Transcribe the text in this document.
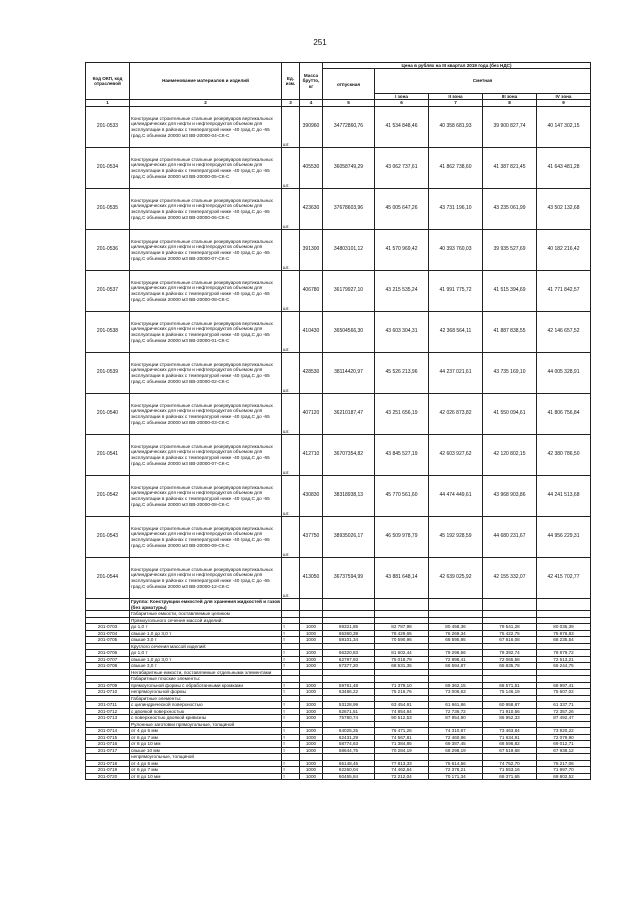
251
Код ОКП, код отраслевой	Наименование материалов и изделий	Ед. изм.	Масса брутто, кг	Цена в рублях на III квартал 2019 года (без НДС)				
				отпускная	Сметная			
					I зона	II зона	III зона	IV зона
1	2	3	4	5	6	7	8	9
201-0533	Конструкции строительные стальные резервуаров вертикальных цилиндрических для нефти и нефтепродуктов объемом для эксплуатации в районах с температурой ниже -40 град.С до -65 град.С объемом 20000 м3 ВВ-20000-04-СК-С	шт.	390960	34772860,76	41 534 848,46	40 358 681,93	39 900 827,74	40 147 302,15
201-0534	Конструкции строительные стальные резервуаров вертикальных цилиндрических для нефти и нефтепродуктов объемом для эксплуатации в районах с температурой ниже -40 град.С до -65 град.С объемом 20000 м3 ВВ-20000-05-СК-С	шт.	405530	36058749,29	43 062 737,61	41 862 738,60	41 387 821,45	41 643 481,28
201-0535	Конструкции строительные стальные резервуаров вертикальных цилиндрических для нефти и нефтепродуктов объемом для эксплуатации в районах с температурой ниже -40 град.С до -65 град.С объемом 20000 м3 ВВ-20000-06-СК-С	шт.	423630	37678603,96	45 005 647,26	43 731 196,10	43 235 061,99	43 502 132,68
201-0536	Конструкции строительные стальные резервуаров вертикальных цилиндрических для нефти и нефтепродуктов объемом для эксплуатации в районах с температурой ниже -40 град.С до -65 град.С объемом 20000 м3 ВВ-20000-07-СК-С	шт.	391300	34803101,12	41 570 969,42	40 393 760,03	39 935 527,69	40 182 216,42
201-0537	Конструкции строительные стальные резервуаров вертикальных цилиндрических для нефти и нефтепродуктов объемом для эксплуатации в районах с температурой ниже -40 град.С до -65 град.С объемом 20000 м3 ВВ-20000-08-СК-С	шт.	406780	36179927,10	43 215 535,24	41 991 775,72	41 515 394,69	41 771 842,57
201-0538	Конструкции строительные стальные резервуаров вертикальных цилиндрических для нефти и нефтепродуктов объемом для эксплуатации в районах с температурой ниже -40 град.С до -65 град.С объемом 20000 м3 ВВ-20000-01-СК-С	шт.	410430	36504566,30	43 603 304,31	42 368 564,11	41 887 838,55	42 146 657,52
201-0539	Конструкции строительные стальные резервуаров вертикальных цилиндрических для нефти и нефтепродуктов объемом для эксплуатации в районах с температурой ниже -40 град.С до -65 град.С объемом 20000 м3 ВВ-20000-02-СК-С	шт.	428530	38114420,97	45 526 213,96	44 237 021,61	43 735 169,10	44 005 328,91
201-0540	Конструкции строительные стальные резервуаров вертикальных цилиндрических для нефти и нефтепродуктов объемом для эксплуатации в районах с температурой ниже -40 град.С до -65 град.С объемом 20000 м3 ВВ-20000-03-СК-С	шт.	407120	36210187,47	43 251 656,19	42 026 873,82	41 550 094,61	41 806 756,84
201-0541	Конструкции строительные стальные резервуаров вертикальных цилиндрических для нефти и нефтепродуктов объемом для эксплуатации в районах с температурой ниже -40 град.С до -65 град.С объемом 20000 м3 ВВ-20000-07-СК-С	шт.	412710	36707354,82	43 845 527,19	42 603 927,62	42 120 802,15	42 380 786,50
201-0542	Конструкции строительные стальные резервуаров вертикальных цилиндрических для нефти и нефтепродуктов объемом для эксплуатации в районах с температурой ниже -40 град.С до -65 град.С объемом 20000 м3 ВВ-20000-08-СК-С	шт.	430830	38318938,13	45 770 561,60	44 474 449,61	43 968 903,86	44 241 513,68
201-0543	Конструкции строительные стальные резервуаров вертикальных цилиндрических для нефти и нефтепродуктов объемом для эксплуатации в районах с температурой ниже -40 град.С до -65 град.С объемом 20000 м3 ВВ-20000-09-СК-С	шт.	437750	38935026,17	46 509 978,79	45 192 928,59	44 680 231,67	44 956 229,31
201-0544	Конструкции строительные стальные резервуаров вертикальных цилиндрических для нефти и нефтепродуктов объемом для эксплуатации в районах с температурой ниже -40 град.С до -65 град.С объемом 20000 м3 ВВ-20000-12-СК-С	шт.	413050	36737594,99	43 881 648,14	42 639 025,92	42 155 332,07	42 415 702,77
	Группа: Конструкции емкостей для хранения жидкостей и газов (без арматуры)							
	Габаритные емкости, поставляемые целиком							
	Прямоугольного сечения массой изделий:							
201-0703	до 1,0 т	т	1000	69321,85	82 787,98	80 458,36	79 541,28	80 035,39
201-0704	свыше 1,0 до 3,0 т	т	1000	65360,39	78 429,65	76 269,34	75 422,75	75 876,83
201-0705	свыше 3,0 т	т	1000	59101,34	70 590,96	68 595,95	67 816,08	68 235,54
	Круглого сечения массой изделий:							
201-0706	до 1,0 т	т	1000	66320,83	81 602,44	79 296,56	78 392,74	78 879,72
201-0707	свыше 1,0 до 3,0 т	т	1000	62797,93	75 018,79	72 898,41	72 065,58	72 513,21
201-0708	свыше 3,0 т	т	1000	57377,20	68 531,35	66 594,87	65 835,78	66 244,75
	Негабаритные емкости, поставляемые отдельными элементами							
	Габаритные плоские элементы:							
201-0709	прямоугольной формы с обработанными кромками	т	1000	59761,48	71 379,10	69 362,15	68 571,51	68 997,41
201-0710	непрямоугольной формы	т	1000	63486,22	75 216,76	73 006,63	75 146,19	75 607,02
	Габаритные элементы:							
201-0711	с цилиндрической поверхностью	т	1000	53128,99	63 454,91	61 661,86	60 958,87	61 337,71
201-0712	с двоякой поверхностью	т	1000	62671,51	74 854,84	72 736,72	71 910,56	72 357,26
201-0713	с поверхностью двоякой кривизны	т	1000	75780,74	90 512,53	87 954,90	86 952,33	87 492,47
	Рулонные заготовки прямоугольные, толщиной							
201-0714	от 4 до 5 мм	т	1000	64025,25	76 471,26	74 310,67	73 463,84	73 920,22
201-0715	от 6 до 7 мм	т	1000	62431,29	74 567,81	72 460,96	71 634,91	72 079,90
201-0716	от 8 до 10 мм	т	1000	58774,63	71 384,85	69 387,45	68 596,82	69 012,71
201-0717	свыше 10 мм	т	1000	58644,75	70 284,19	68 298,19	67 519,68	67 938,12
	непрямоугольные, толщиной							
201-0718	от 4 до 5 мм	т	1000	65148,45	77 813,33	75 614,56	74 752,70	75 217,06
201-0719	от 6 до 7 мм	т	1000	62260,04	74 462,64	72 378,21	71 553,16	71 997,70
201-0720	от 8 до 10 мм	т	1000	60455,84	72 212,04	70 171,34	69 371,65	69 802,52
